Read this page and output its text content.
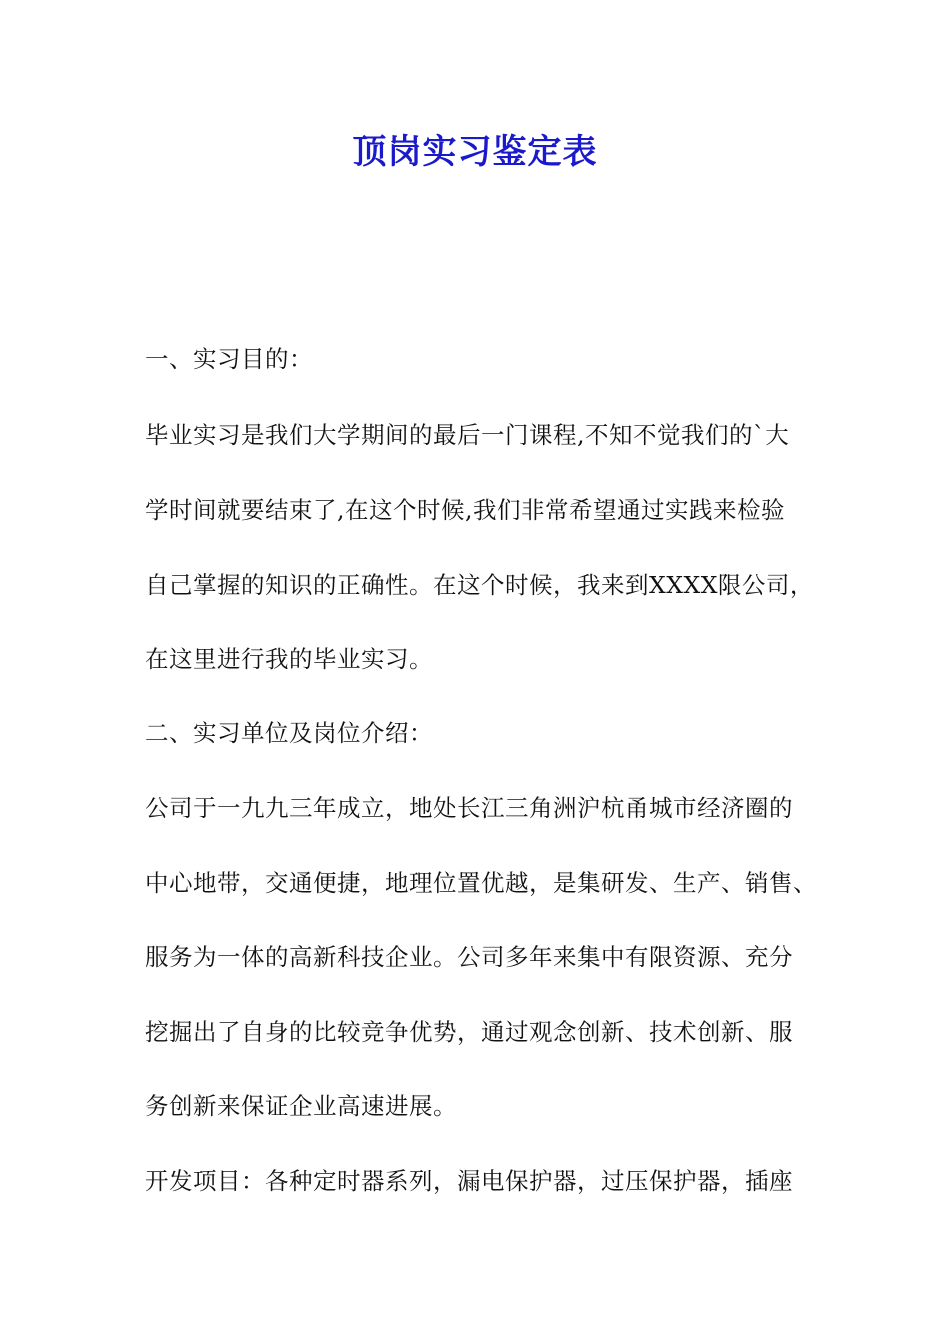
顶岗实习鉴定表
一、实习目的：
毕业实习是我们大学期间的最后一门课程,不知不觉我们的`大
学时间就要结束了,在这个时候,我们非常希望通过实践来检验
自己掌握的知识的正确性。在这个时候，我来到XXXX限公司，
在这里进行我的毕业实习。
二、实习单位及岗位介绍：
公司于一九九三年成立，地处长江三角洲沪杭甬城市经济圈的
中心地带，交通便捷，地理位置优越，是集研发、生产、销售、
服务为一体的高新科技企业。公司多年来集中有限资源、充分
挖掘出了自身的比较竞争优势，通过观念创新、技术创新、服
务创新来保证企业高速进展。
开发项目：各种定时器系列，漏电保护器，过压保护器，插座
